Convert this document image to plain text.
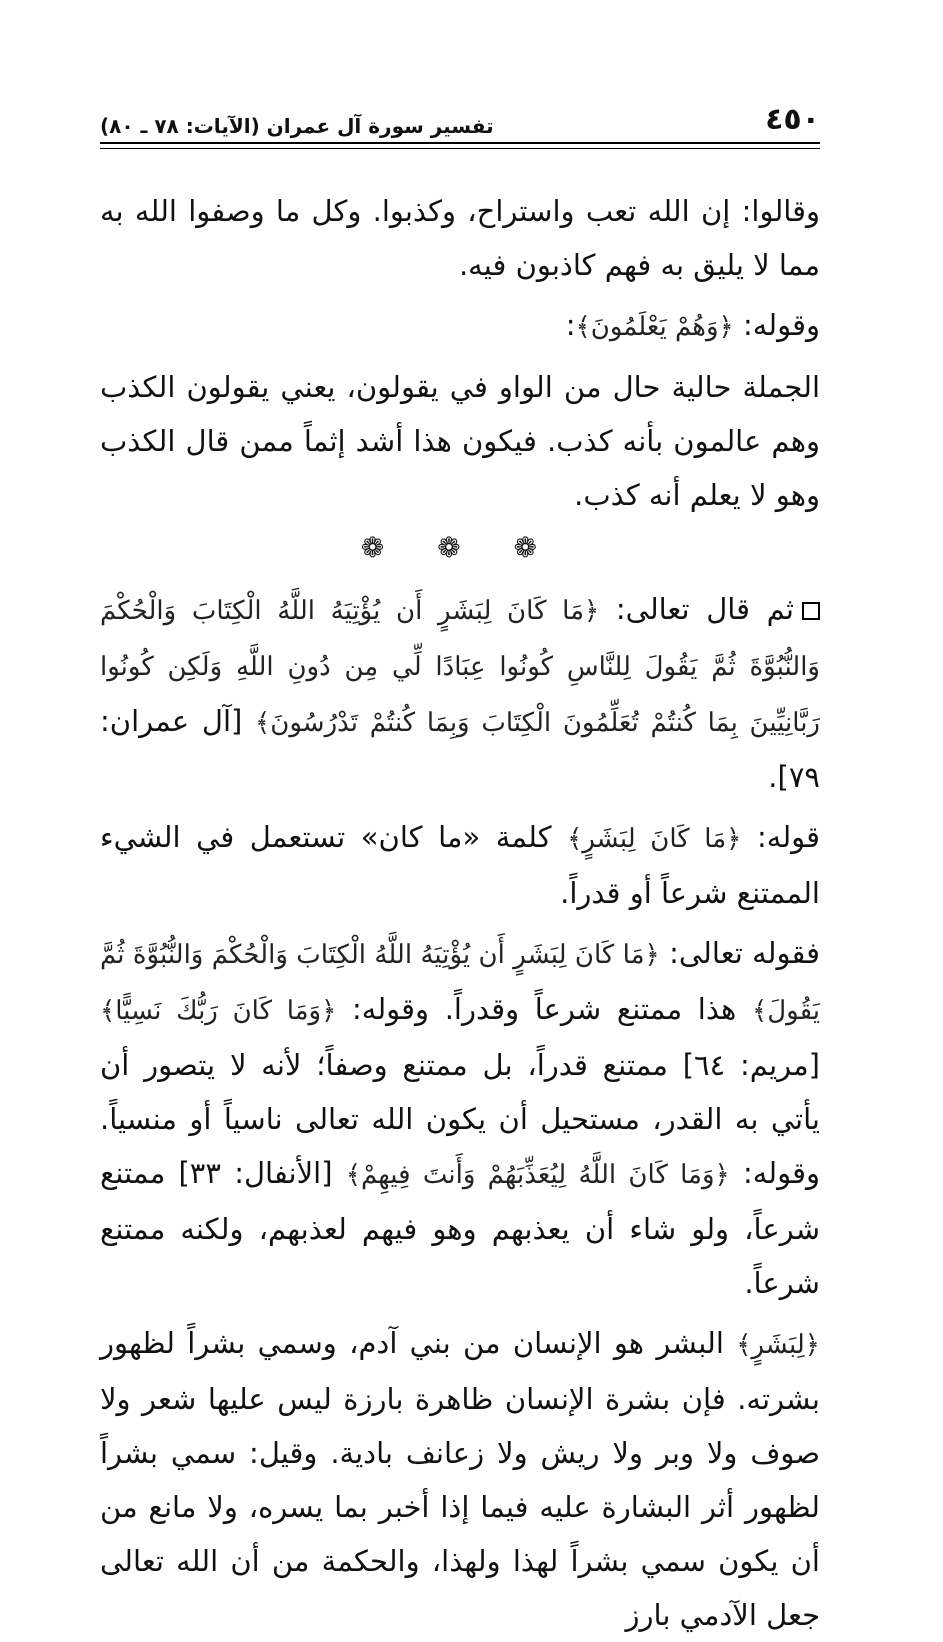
٤٥٠
تفسير سورة آل عمران (الآيات: ٧٨ ـ ٨٠)

وقالوا: إن الله تعب واستراح، وكذبوا. وكل ما وصفوا الله به مما لا يليق به فهم كاذبون فيه.

وقوله: ﴿وَهُمْ يَعْلَمُونَ﴾:

الجملة حالية حال من الواو في يقولون، يعني يقولون الكذب وهم عالمون بأنه كذب. فيكون هذا أشد إثماً ممن قال الكذب وهو لا يعلم أنه كذب.

❁ ❁ ❁

ثم قال تعالى: ﴿مَا كَانَ لِبَشَرٍ أَن يُؤْتِيَهُ اللَّهُ الْكِتَابَ وَالْحُكْمَ وَالنُّبُوَّةَ ثُمَّ يَقُولَ لِلنَّاسِ كُونُوا عِبَادًا لِّي مِن دُونِ اللَّهِ وَلَكِن كُونُوا رَبَّانِيِّينَ بِمَا كُنتُمْ تُعَلِّمُونَ الْكِتَابَ وَبِمَا كُنتُمْ تَدْرُسُونَ﴾ [آل عمران: ٧٩].

قوله: ﴿مَا كَانَ لِبَشَرٍ﴾ كلمة «ما كان» تستعمل في الشيء الممتنع شرعاً أو قدراً.

فقوله تعالى: ﴿مَا كَانَ لِبَشَرٍ أَن يُؤْتِيَهُ اللَّهُ الْكِتَابَ وَالْحُكْمَ وَالنُّبُوَّةَ ثُمَّ يَقُولَ﴾ هذا ممتنع شرعاً وقدراً. وقوله: ﴿وَمَا كَانَ رَبُّكَ نَسِيًّا﴾ [مريم: ٦٤] ممتنع قدراً، بل ممتنع وصفاً؛ لأنه لا يتصور أن يأتي به القدر، مستحيل أن يكون الله تعالى ناسياً أو منسياً. وقوله: ﴿وَمَا كَانَ اللَّهُ لِيُعَذِّبَهُمْ وَأَنتَ فِيهِمْ﴾ [الأنفال: ٣٣] ممتنع شرعاً، ولو شاء أن يعذبهم وهو فيهم لعذبهم، ولكنه ممتنع شرعاً.

﴿لِبَشَرٍ﴾ البشر هو الإنسان من بني آدم، وسمي بشراً لظهور بشرته. فإن بشرة الإنسان ظاهرة بارزة ليس عليها شعر ولا صوف ولا وبر ولا ريش ولا زعانف بادية. وقيل: سمي بشراً لظهور أثر البشارة عليه فيما إذا أخبر بما يسره، ولا مانع من أن يكون سمي بشراً لهذا ولهذا، والحكمة من أن الله تعالى جعل الآدمي بارز
